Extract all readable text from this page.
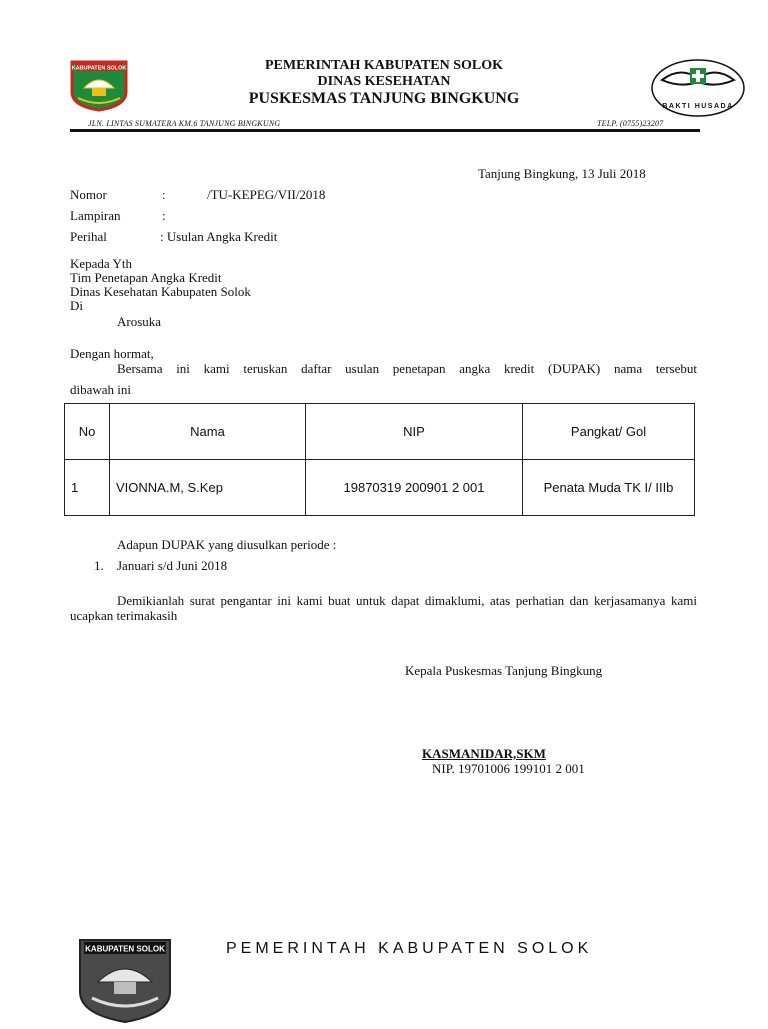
KABUPATEN SOLOK	PEMERINTAH KABUPATEN SOLOK
DINAS KESEHATAN
PUSKESMAS TANJUNG BINGKUNG	BAKTI HUSADA
JLN. LINTAS SUMATERA KM.6 TANJUNG BINGKUNG	TELP. (0755)23207
Tanjung Bingkung, 13 Juli 2018
Nomor	:	/TU-KEPEG/VII/2018
Lampiran	:
Perihal	: Usulan Angka Kredit
Kepada Yth
Tim Penetapan Angka Kredit
Dinas Kesehatan Kabupaten Solok
Di
Arosuka
Dengan hormat,
Bersama ini kami teruskan daftar usulan penetapan angka kredit (DUPAK) nama tersebut
dibawah ini
No	Nama	NIP	Pangkat/ Gol
1	VIONNA.M, S.Kep	19870319 200901 2 001	Penata Muda TK I/ IIIb
Adapun DUPAK yang diusulkan periode :
1. Januari s/d Juni 2018
Demikianlah surat pengantar ini kami buat untuk dapat dimaklumi, atas perhatian dan kerjasamanya kami ucapkan terimakasih
Kepala Puskesmas Tanjung Bingkung
KASMANIDAR,SKM
NIP. 19701006 199101 2 001
KABUPATEN SOLOK	PEMERINTAH KABUPATEN SOLOK
